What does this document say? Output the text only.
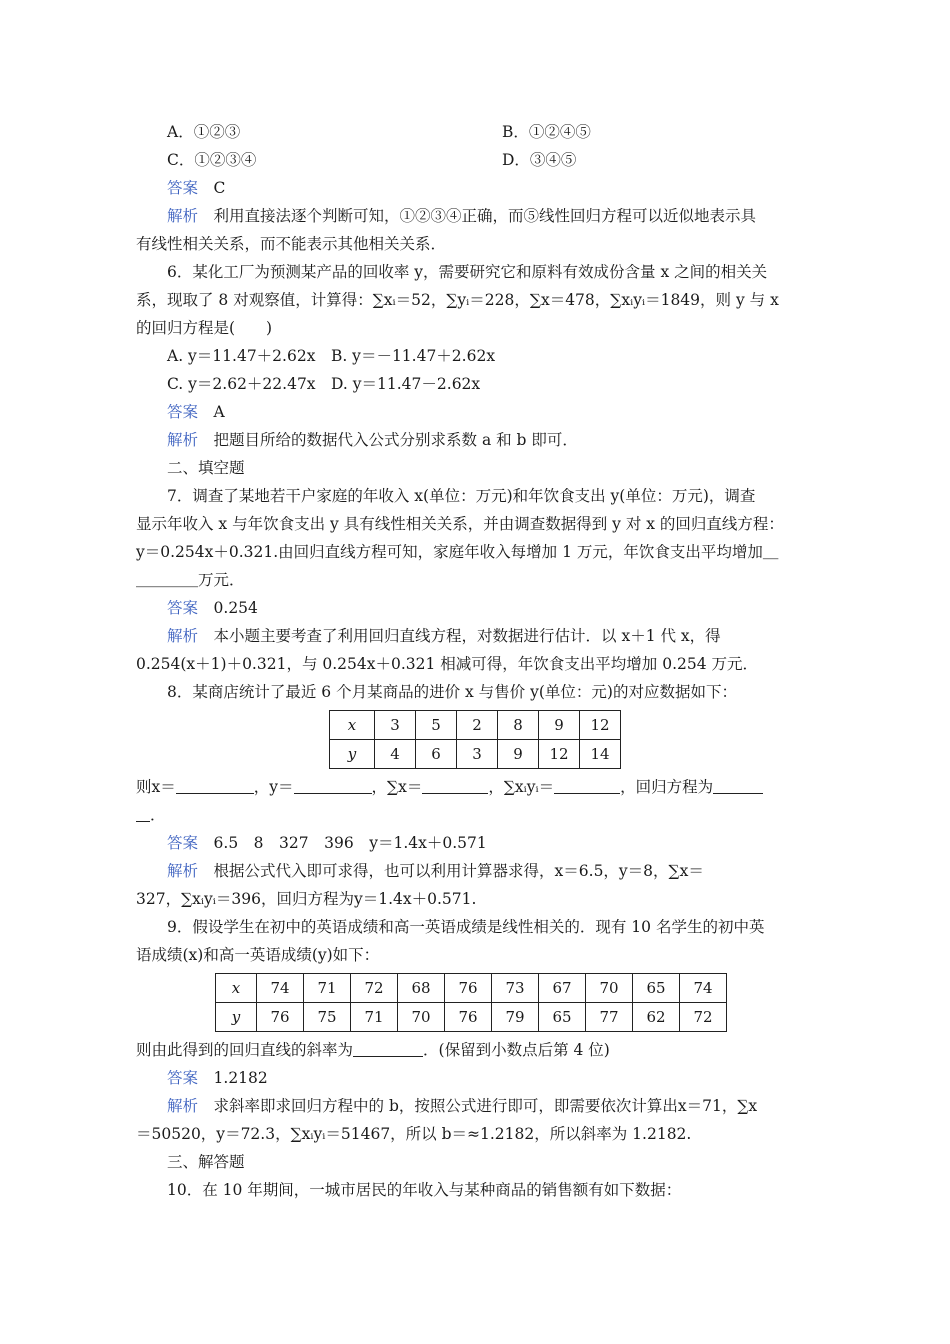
A．①②③	B．①②④⑤
C．①②③④	D．③④⑤
答案　 C
解析　 利用直接法逐个判断可知，①②③④正确，而⑤线性回归方程可以近似地表示具
有线性相关关系，而不能表示其他相关关系．
6．某化工厂为预测某产品的回收率 y，需要研究它和原料有效成份含量 x 之间的相关关
系，现取了 8 对观察值，计算得：∑xᵢ＝52，∑yᵢ＝228，∑x＝478，∑xᵢyᵢ＝1849，则 y 与 x
的回归方程是(　　)
A. y＝11.47＋2.62x  B. y＝－11.47＋2.62x
C. y＝2.62＋22.47x  D. y＝11.47－2.62x
答案　 A
解析　 把题目所给的数据代入公式分别求系数 a 和 b 即可．
二、填空题
7．调查了某地若干户家庭的年收入 x(单位：万元)和年饮食支出 y(单位：万元)，调查
显示年收入 x 与年饮食支出 y 具有线性相关关系，并由调查数据得到 y 对 x 的回归直线方程：
y＝0.254x＋0.321.由回归直线方程可知，家庭年收入每增加 1 万元，年饮食支出平均增加＿
＿＿＿＿万元．
答案　 0.254
解析　 本小题主要考查了利用回归直线方程，对数据进行估计．以 x＋1 代 x，得
0.254(x＋1)＋0.321，与 0.254x＋0.321 相减可得，年饮食支出平均增加 0.254 万元．
8．某商店统计了最近 6 个月某商品的进价 x 与售价 y(单位：元)的对应数据如下：
x	3	5	2	8	9	12
y	4	6	3	9	12	14
则x＝	，y＝	，∑x＝	，∑xᵢyᵢ＝	，回归方程为
．
答案　 6.5　8　327　396　y＝1.4x＋0.571
解析　 根据公式代入即可求得，也可以利用计算器求得，x＝6.5，y＝8，∑x＝
327，∑xᵢyᵢ＝396，回归方程为y＝1.4x＋0.571.
9．假设学生在初中的英语成绩和高一英语成绩是线性相关的．现有 10 名学生的初中英
语成绩(x)和高一英语成绩(y)如下：
x	74	71	72	68	76	73	67	70	65	74
y	76	75	71	70	76	79	65	77	62	72
则由此得到的回归直线的斜率为	．(保留到小数点后第 4 位)
答案　 1.2182
解析　 求斜率即求回归方程中的 b，按照公式进行即可，即需要依次计算出x＝71，∑x
＝50520，y＝72.3，∑xᵢyᵢ＝51467，所以 b＝≈1.2182，所以斜率为 1.2182.
三、解答题
10．在 10 年期间，一城市居民的年收入与某种商品的销售额有如下数据：
